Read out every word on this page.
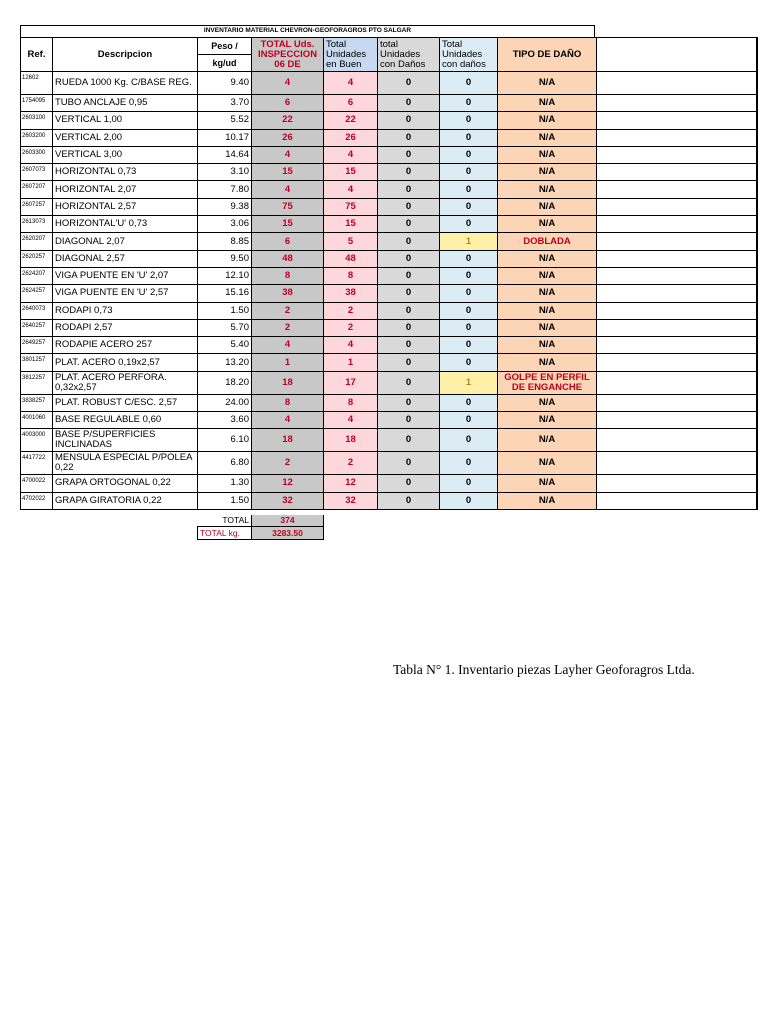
INVENTARIO MATERIAL CHEVRON-GEOFORAGROS PTO SALGAR
Ref.	Descripcion	Peso /	TOTAL Uds. INSPECCION 06 DE	Total Unidades en Buen	total Unidades con Daños	Total Unidades con daños	TIPO DE DAÑO	
		kg/ud						
12602	RUEDA 1000 Kg. C/BASE REG.	9.40	4	4	0	0	N/A	
1754095	TUBO ANCLAJE 0,95	3.70	6	6	0	0	N/A	
2603100	VERTICAL 1,00	5.52	22	22	0	0	N/A	
2603200	VERTICAL 2,00	10.17	26	26	0	0	N/A	
2603300	VERTICAL 3,00	14.64	4	4	0	0	N/A	
2607073	HORIZONTAL 0,73	3.10	15	15	0	0	N/A	
2607207	HORIZONTAL 2,07	7.80	4	4	0	0	N/A	
2607257	HORIZONTAL 2,57	9.38	75	75	0	0	N/A	
2613073	HORIZONTAL'U' 0,73	3.06	15	15	0	0	N/A	
2620207	DIAGONAL 2,07	8.85	6	5	0	1	DOBLADA	
2620257	DIAGONAL 2,57	9.50	48	48	0	0	N/A	
2624207	VIGA PUENTE EN 'U' 2,07	12.10	8	8	0	0	N/A	
2624257	VIGA PUENTE EN 'U' 2,57	15.16	38	38	0	0	N/A	
2640073	RODAPI 0,73	1.50	2	2	0	0	N/A	
2640257	RODAPI 2,57	5.70	2	2	0	0	N/A	
2649257	RODAPIE ACERO 257	5.40	4	4	0	0	N/A	
3801257	PLAT. ACERO 0,19x2,57	13.20	1	1	0	0	N/A	
3812257	PLAT. ACERO PERFORA. 0,32x2,57	18.20	18	17	0	1	GOLPE EN PERFIL DE ENGANCHE	
3838257	PLAT. ROBUST C/ESC. 2,57	24.00	8	8	0	0	N/A	
4001060	BASE REGULABLE 0,60	3.60	4	4	0	0	N/A	
4003000	BASE P/SUPERFICIES INCLINADAS	6.10	18	18	0	0	N/A	
4417722	MENSULA ESPECIAL P/POLEA 0,22	6.80	2	2	0	0	N/A	
4700022	GRAPA ORTOGONAL 0,22	1.30	12	12	0	0	N/A	
4702022	GRAPA GIRATORIA 0,22	1.50	32	32	0	0	N/A	
TOTAL	374
TOTAL kg.	3283.50
Tabla N° 1. Inventario piezas Layher Geoforagros Ltda.
